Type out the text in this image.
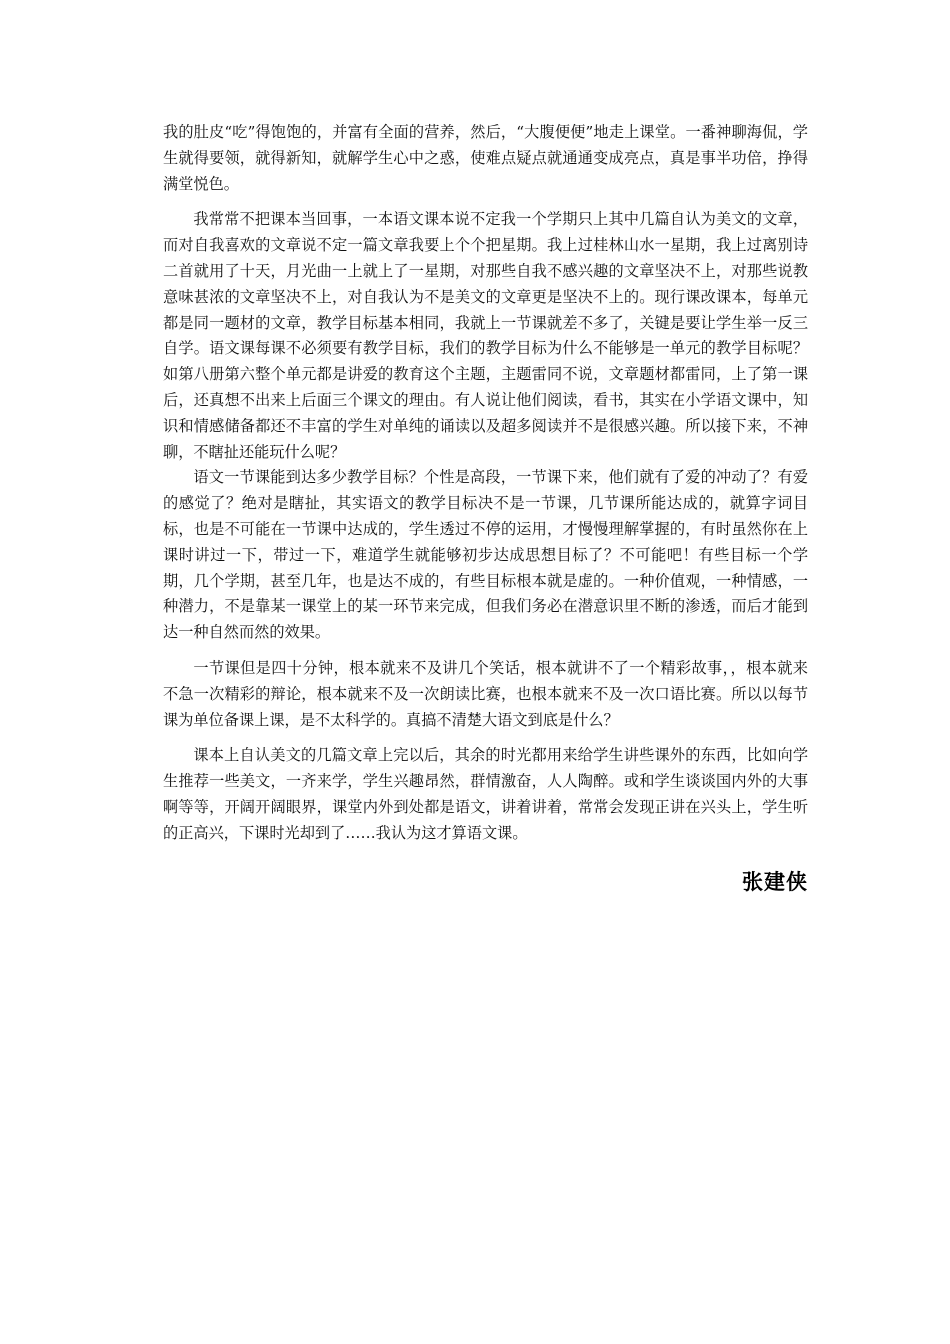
我的肚皮“吃”得饱饱的，并富有全面的营养，然后，“大腹便便”地走上课堂。一番神聊海侃，学生就得要领，就得新知，就解学生心中之惑，使难点疑点就通通变成亮点，真是事半功倍，挣得满堂悦色。

我常常不把课本当回事，一本语文课本说不定我一个学期只上其中几篇自认为美文的文章，而对自我喜欢的文章说不定一篇文章我要上个个把星期。我上过桂林山水一星期，我上过离别诗二首就用了十天，月光曲一上就上了一星期，对那些自我不感兴趣的文章坚决不上，对那些说教意味甚浓的文章坚决不上，对自我认为不是美文的文章更是坚决不上的。现行课改课本，每单元都是同一题材的文章，教学目标基本相同，我就上一节课就差不多了，关键是要让学生举一反三自学。语文课每课不必须要有教学目标，我们的教学目标为什么不能够是一单元的教学目标呢？如第八册第六整个单元都是讲爱的教育这个主题，主题雷同不说，文章题材都雷同，上了第一课后，还真想不出来上后面三个课文的理由。有人说让他们阅读，看书，其实在小学语文课中，知识和情感储备都还不丰富的学生对单纯的诵读以及超多阅读并不是很感兴趣。所以接下来，不神聊，不瞎扯还能玩什么呢？

语文一节课能到达多少教学目标？个性是高段，一节课下来，他们就有了爱的冲动了？有爱的感觉了？绝对是瞎扯，其实语文的教学目标决不是一节课，几节课所能达成的，就算字词目标，也是不可能在一节课中达成的，学生透过不停的运用，才慢慢理解掌握的，有时虽然你在上课时讲过一下，带过一下，难道学生就能够初步达成思想目标了？不可能吧！有些目标一个学期，几个学期，甚至几年，也是达不成的，有些目标根本就是虚的。一种价值观，一种情感，一种潜力，不是靠某一课堂上的某一环节来完成，但我们务必在潜意识里不断的渗透，而后才能到达一种自然而然的效果。

一节课但是四十分钟，根本就来不及讲几个笑话，根本就讲不了一个精彩故事，，根本就来不急一次精彩的辩论，根本就来不及一次朗读比赛，也根本就来不及一次口语比赛。所以以每节课为单位备课上课，是不太科学的。真搞不清楚大语文到底是什么？

课本上自认美文的几篇文章上完以后，其余的时光都用来给学生讲些课外的东西，比如向学生推荐一些美文，一齐来学，学生兴趣昂然，群情激奋，人人陶醉。或和学生谈谈国内外的大事啊等等，开阔开阔眼界，课堂内外到处都是语文，讲着讲着，常常会发现正讲在兴头上，学生听的正高兴，下课时光却到了……我认为这才算语文课。

张建侠
